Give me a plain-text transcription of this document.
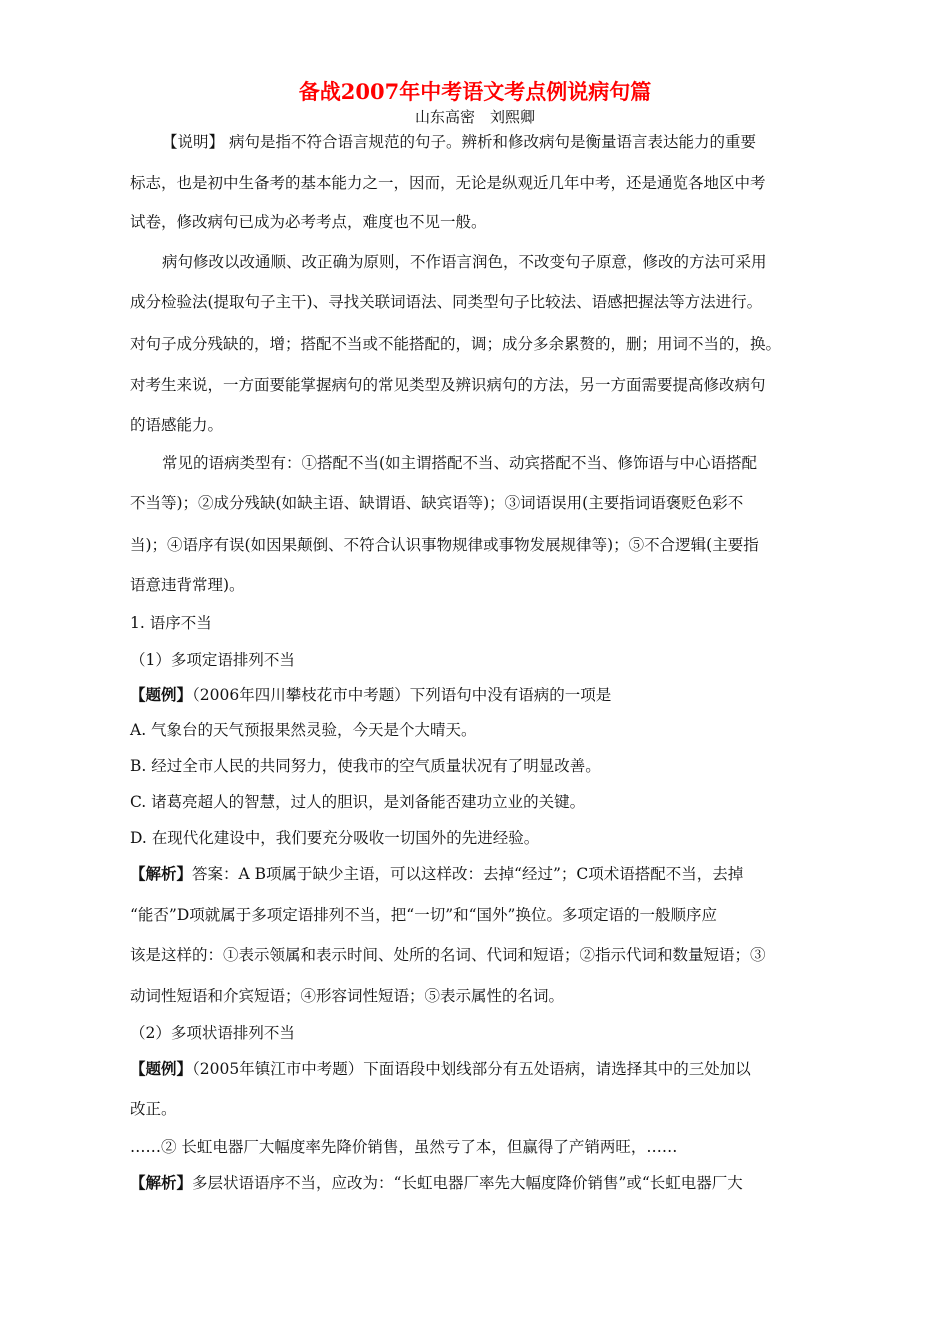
备战2007年中考语文考点例说病句篇
山东高密　刘熙卿
【说明】 病句是指不符合语言规范的句子。辨析和修改病句是衡量语言表达能力的重要
标志，也是初中生备考的基本能力之一，因而，无论是纵观近几年中考，还是通览各地区中考
试卷，修改病句已成为必考考点，难度也不见一般。
病句修改以改通顺、改正确为原则，不作语言润色，不改变句子原意，修改的方法可采用
成分检验法(提取句子主干)、寻找关联词语法、同类型句子比较法、语感把握法等方法进行。
对句子成分残缺的，增；搭配不当或不能搭配的，调；成分多余累赘的，删；用词不当的，换。
对考生来说，一方面要能掌握病句的常见类型及辨识病句的方法，另一方面需要提高修改病句
的语感能力。
常见的语病类型有：①搭配不当(如主谓搭配不当、动宾搭配不当、修饰语与中心语搭配
不当等)；②成分残缺(如缺主语、缺谓语、缺宾语等)；③词语误用(主要指词语褒贬色彩不
当)；④语序有误(如因果颠倒、不符合认识事物规律或事物发展规律等)；⑤不合逻辑(主要指
语意违背常理)。
1. 语序不当
（1）多项定语排列不当
【题例】（2006年四川攀枝花市中考题）下列语句中没有语病的一项是
A. 气象台的天气预报果然灵验，今天是个大晴天。
B. 经过全市人民的共同努力，使我市的空气质量状况有了明显改善。
C. 诸葛亮超人的智慧，过人的胆识，是刘备能否建功立业的关键。
D. 在现代化建设中，我们要充分吸收一切国外的先进经验。
【解析】答案：A B项属于缺少主语，可以这样改：去掉“经过”；C项术语搭配不当，去掉
“能否”D项就属于多项定语排列不当，把“一切”和“国外”换位。多项定语的一般顺序应
该是这样的：①表示领属和表示时间、处所的名词、代词和短语；②指示代词和数量短语；③
动词性短语和介宾短语；④形容词性短语；⑤表示属性的名词。
（2）多项状语排列不当
【题例】（2005年镇江市中考题）下面语段中划线部分有五处语病，请选择其中的三处加以
改正。
……② 长虹电器厂大幅度率先降价销售，虽然亏了本，但赢得了产销两旺，……
【解析】多层状语语序不当，应改为：“长虹电器厂率先大幅度降价销售”或“长虹电器厂大
